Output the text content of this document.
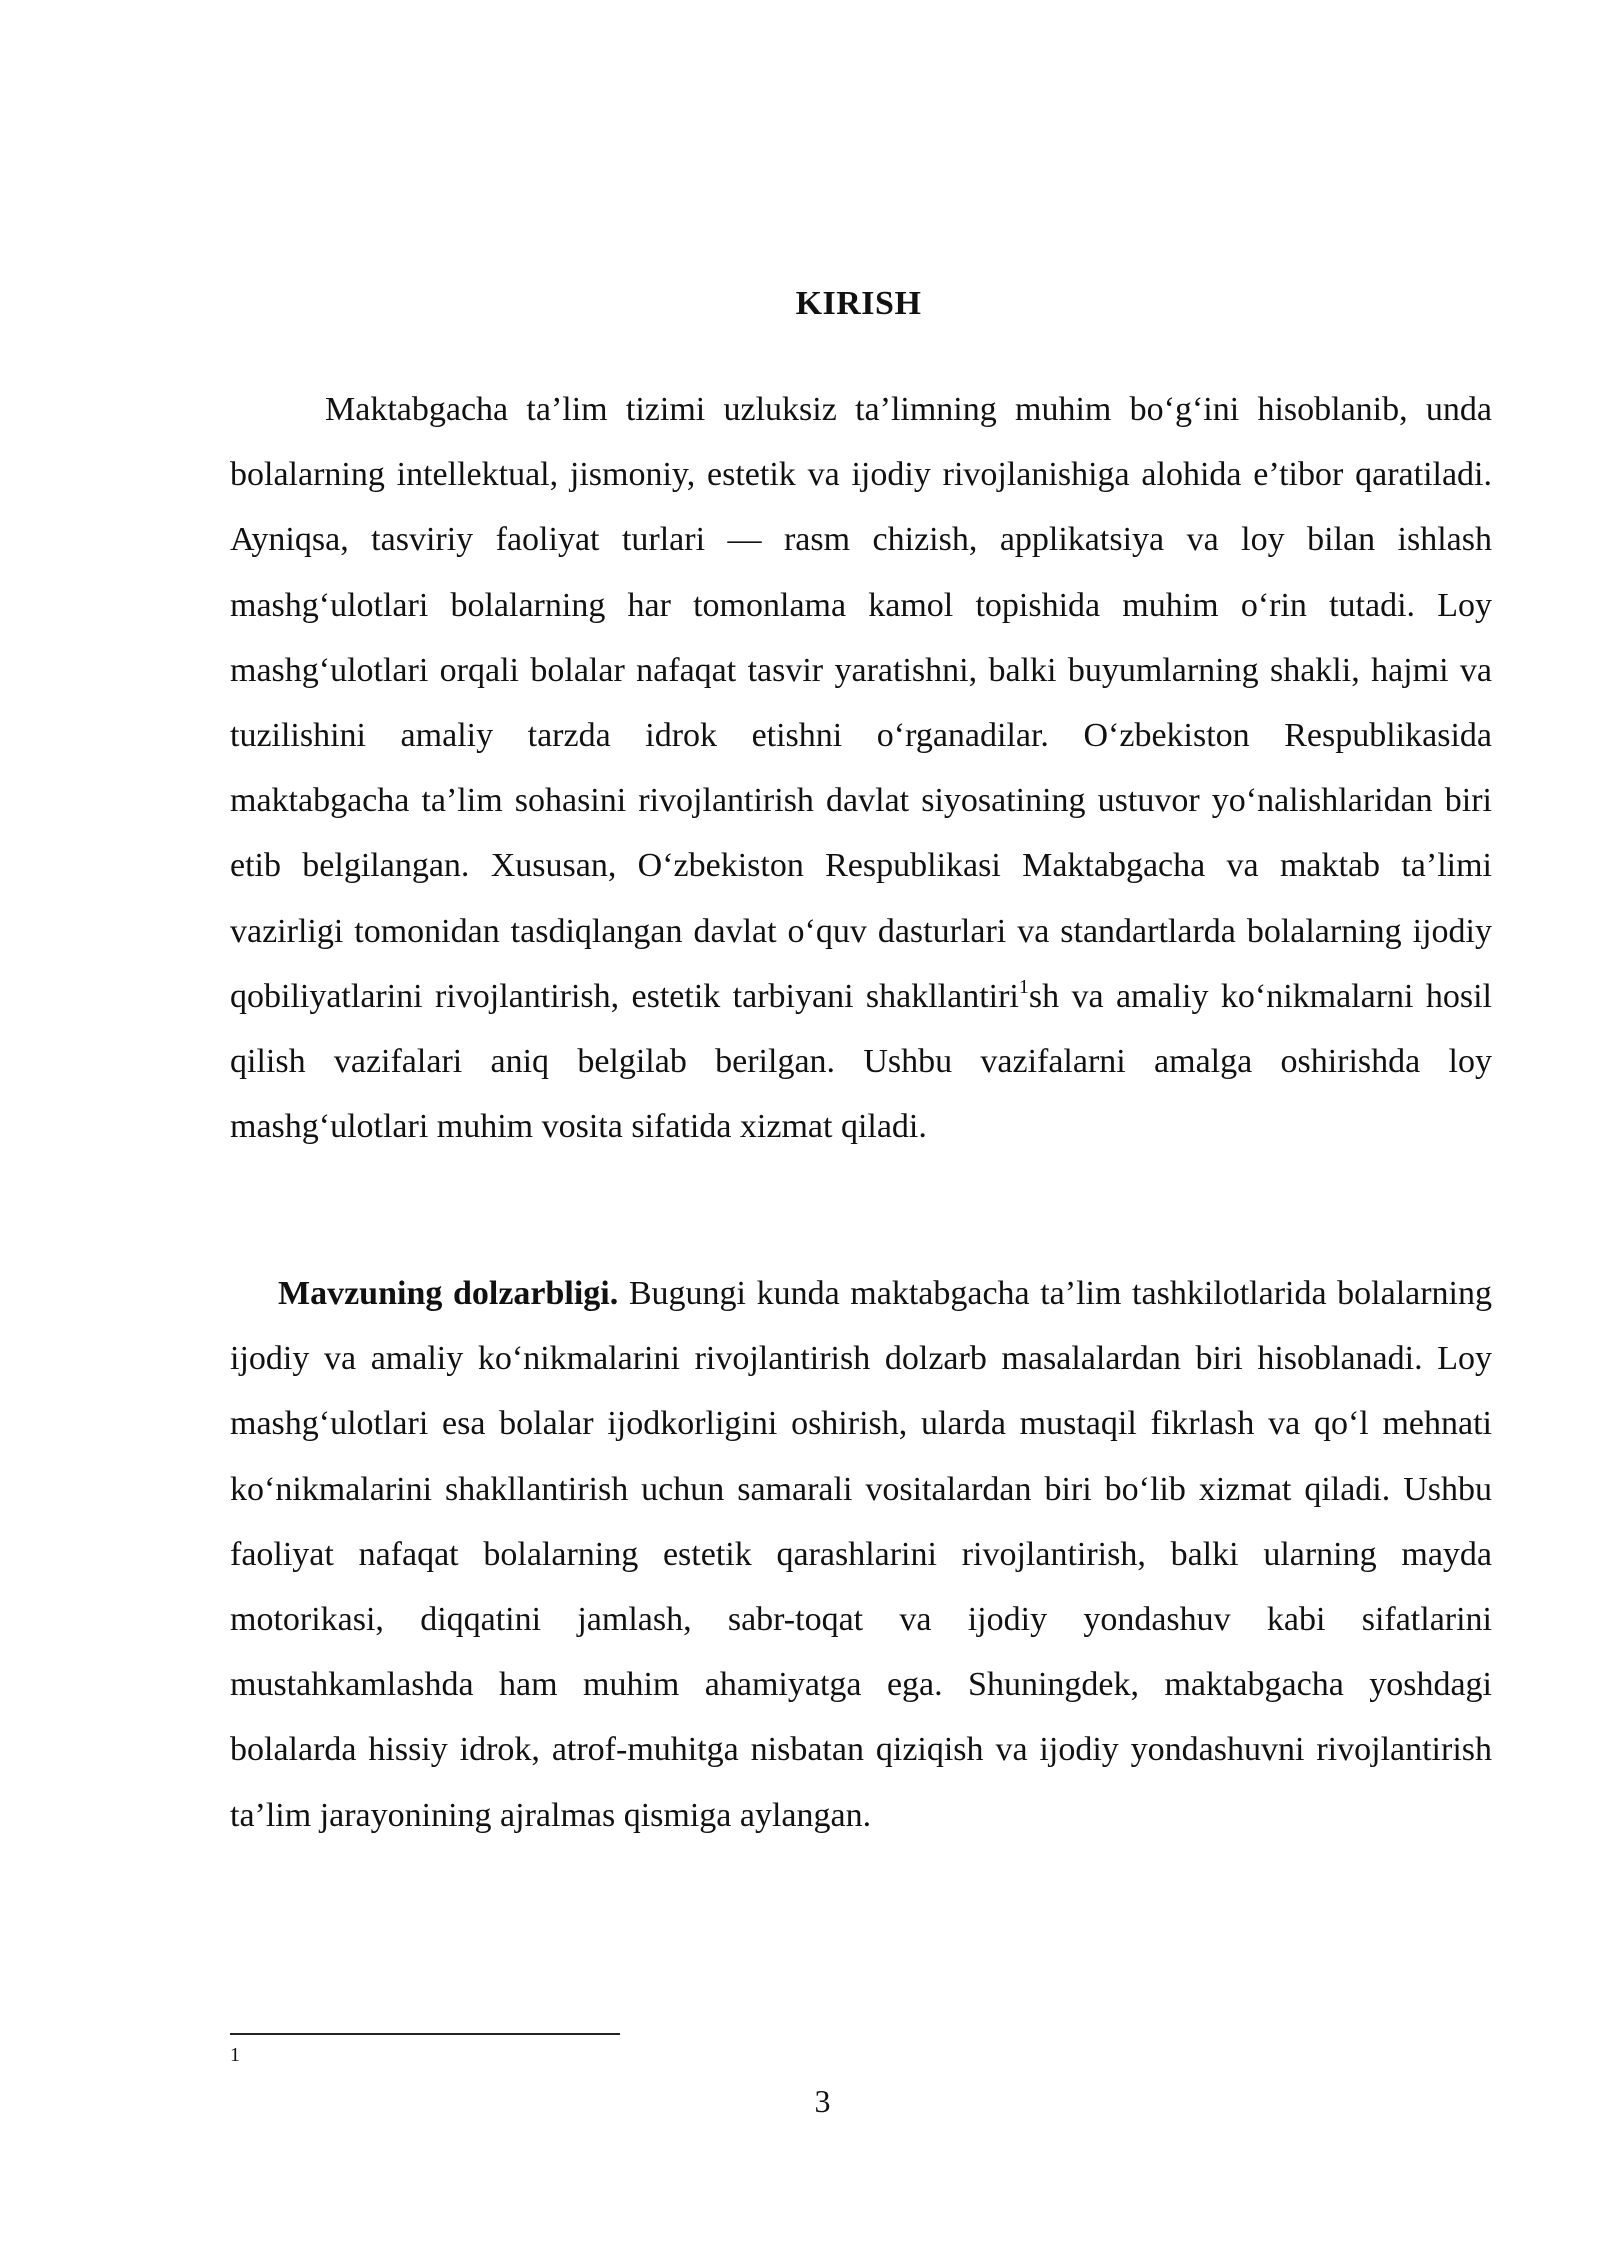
KIRISH

Maktabgacha ta’lim tizimi uzluksiz ta’limning muhim bo‘g‘ini hisoblanib, unda bolalarning intellektual, jismoniy, estetik va ijodiy rivojlanishiga alohida e’tibor qaratiladi. Ayniqsa, tasviriy faoliyat turlari — rasm chizish, applikatsiya va loy bilan ishlash mashg‘ulotlari bolalarning har tomonlama kamol topishida muhim o‘rin tutadi. Loy mashg‘ulotlari orqali bolalar nafaqat tasvir yaratishni, balki buyumlarning shakli, hajmi va tuzilishini amaliy tarzda idrok etishni o‘rganadilar. O‘zbekiston Respublikasida maktabgacha ta’lim sohasini rivojlantirish davlat siyosatining ustuvor yo‘nalishlaridan biri etib belgilangan. Xususan, O‘zbekiston Respublikasi Maktabgacha va maktab ta’limi vazirligi tomonidan tasdiqlangan davlat o‘quv dasturlari va standartlarda bolalarning ijodiy qobiliyatlarini rivojlantirish, estetik tarbiyani shakllantiri$^1$sh va amaliy ko‘nikmalarni hosil qilish vazifalari aniq belgilab berilgan. Ushbu vazifalarni amalga oshirishda loy mashg‘ulotlari muhim vosita sifatida xizmat qiladi.

Mavzuning dolzarbligi. Bugungi kunda maktabgacha ta’lim tashkilotlarida bolalarning ijodiy va amaliy ko‘nikmalarini rivojlantirish dolzarb masalalardan biri hisoblanadi. Loy mashg‘ulotlari esa bolalar ijodkorligini oshirish, ularda mustaqil fikrlash va qo‘l mehnati ko‘nikmalarini shakllantirish uchun samarali vositalardan biri bo‘lib xizmat qiladi. Ushbu faoliyat nafaqat bolalarning estetik qarashlarini rivojlantirish, balki ularning mayda motorikasi, diqqatini jamlash, sabr-toqat va ijodiy yondashuv kabi sifatlarini mustahkamlashda ham muhim ahamiyatga ega. Shuningdek, maktabgacha yoshdagi bolalarda hissiy idrok, atrof-muhitga nisbatan qiziqish va ijodiy yondashuvni rivojlantirish ta’lim jarayonining ajralmas qismiga aylangan.

1
3
